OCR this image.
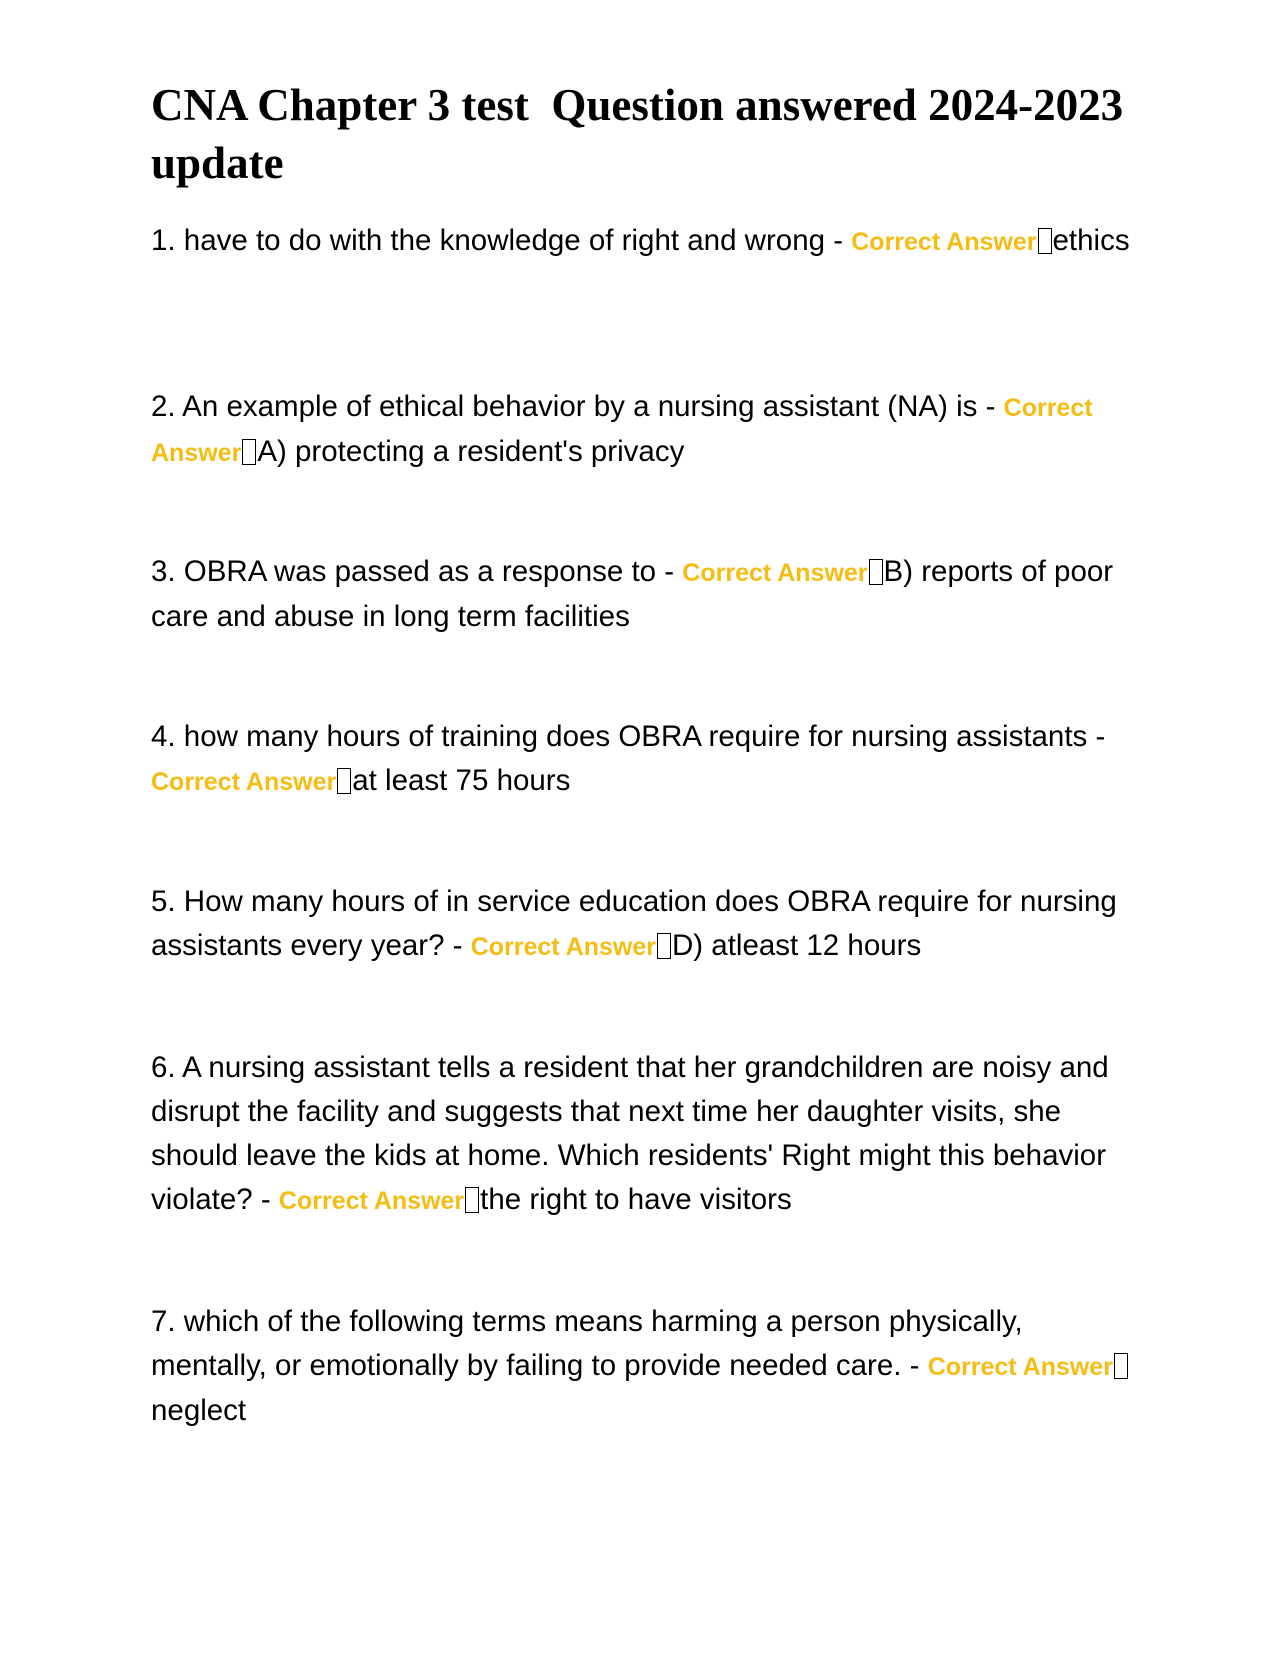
CNA Chapter 3 test  Question answered 2024-2023 update

1. have to do with the knowledge of right and wrong - Correct Answer ethics

2. An example of ethical behavior by a nursing assistant (NA) is - Correct Answer A) protecting a resident's privacy

3. OBRA was passed as a response to - Correct Answer B) reports of poor care and abuse in long term facilities

4. how many hours of training does OBRA require for nursing assistants - Correct Answer at least 75 hours

5. How many hours of in service education does OBRA require for nursing assistants every year? - Correct Answer D) atleast 12 hours

6. A nursing assistant tells a resident that her grandchildren are noisy and disrupt the facility and suggests that next time her daughter visits, she should leave the kids at home. Which residents' Right might this behavior violate? - Correct Answer the right to have visitors

7. which of the following terms means harming a person physically, mentally, or emotionally by failing to provide needed care. - Correct Answerneglect
